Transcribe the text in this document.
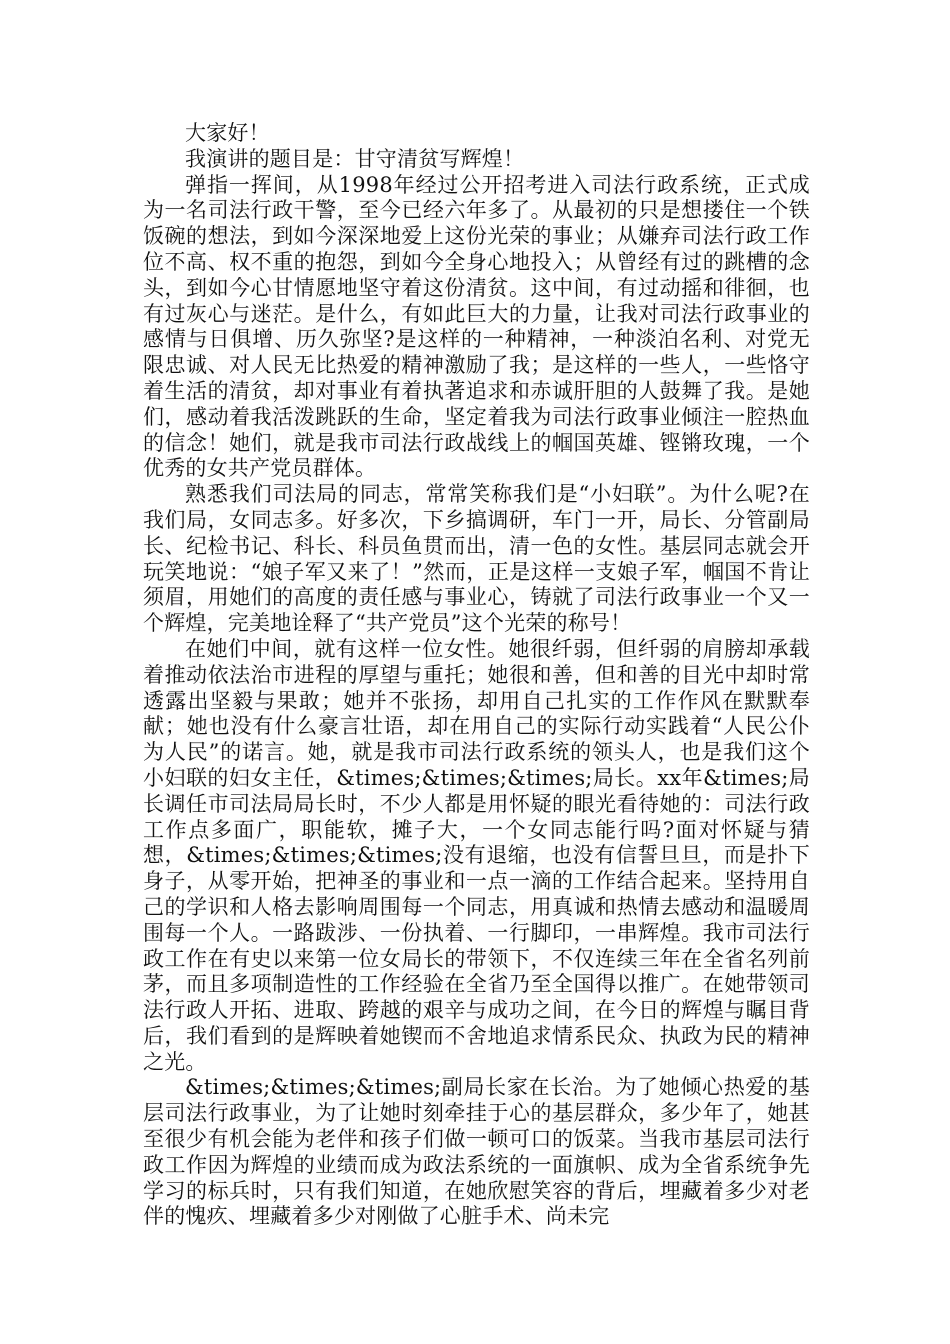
大家好！

我演讲的题目是：甘守清贫写辉煌！

弹指一挥间，从1998年经过公开招考进入司法行政系统，正式成为一名司法行政干警，至今已经六年多了。从最初的只是想搂住一个铁饭碗的想法，到如今深深地爱上这份光荣的事业；从嫌弃司法行政工作位不高、权不重的抱怨，到如今全身心地投入；从曾经有过的跳槽的念头，到如今心甘情愿地坚守着这份清贫。这中间，有过动摇和徘徊，也有过灰心与迷茫。是什么，有如此巨大的力量，让我对司法行政事业的感情与日俱增、历久弥坚?是这样的一种精神，一种淡泊名利、对党无限忠诚、对人民无比热爱的精神激励了我；是这样的一些人，一些恪守着生活的清贫，却对事业有着执著追求和赤诚肝胆的人鼓舞了我。是她们，感动着我活泼跳跃的生命，坚定着我为司法行政事业倾注一腔热血的信念！她们，就是我市司法行政战线上的帼国英雄、铿锵玫瑰，一个优秀的女共产党员群体。

熟悉我们司法局的同志，常常笑称我们是“小妇联”。为什么呢?在我们局，女同志多。好多次，下乡搞调研，车门一开，局长、分管副局长、纪检书记、科长、科员鱼贯而出，清一色的女性。基层同志就会开玩笑地说：“娘子军又来了！”然而，正是这样一支娘子军，帼国不肯让须眉，用她们的高度的责任感与事业心，铸就了司法行政事业一个又一个辉煌，完美地诠释了“共产党员”这个光荣的称号！

在她们中间，就有这样一位女性。她很纤弱，但纤弱的肩膀却承载着推动依法治市进程的厚望与重托；她很和善，但和善的目光中却时常透露出坚毅与果敢；她并不张扬，却用自己扎实的工作作风在默默奉献；她也没有什么豪言壮语，却在用自己的实际行动实践着“人民公仆为人民”的诺言。她，就是我市司法行政系统的领头人，也是我们这个小妇联的妇女主任，&times;&times;&times;局长。xx年&times;局长调任市司法局局长时，不少人都是用怀疑的眼光看待她的：司法行政工作点多面广，职能软，摊子大，一个女同志能行吗?面对怀疑与猜想，&times;&times;&times;没有退缩，也没有信誓旦旦，而是扑下身子，从零开始，把神圣的事业和一点一滴的工作结合起来。坚持用自己的学识和人格去影响周围每一个同志，用真诚和热情去感动和温暖周围每一个人。一路跋涉、一份执着、一行脚印，一串辉煌。我市司法行政工作在有史以来第一位女局长的带领下，不仅连续三年在全省名列前茅，而且多项制造性的工作经验在全省乃至全国得以推广。在她带领司法行政人开拓、进取、跨越的艰辛与成功之间，在今日的辉煌与瞩目背后，我们看到的是辉映着她锲而不舍地追求情系民众、执政为民的精神之光。

&times;&times;&times;副局长家在长治。为了她倾心热爱的基层司法行政事业，为了让她时刻牵挂于心的基层群众，多少年了，她甚至很少有机会能为老伴和孩子们做一顿可口的饭菜。当我市基层司法行政工作因为辉煌的业绩而成为政法系统的一面旗帜、成为全省系统争先学习的标兵时，只有我们知道，在她欣慰笑容的背后，埋藏着多少对老伴的愧疚、埋藏着多少对刚做了心脏手术、尚未完
